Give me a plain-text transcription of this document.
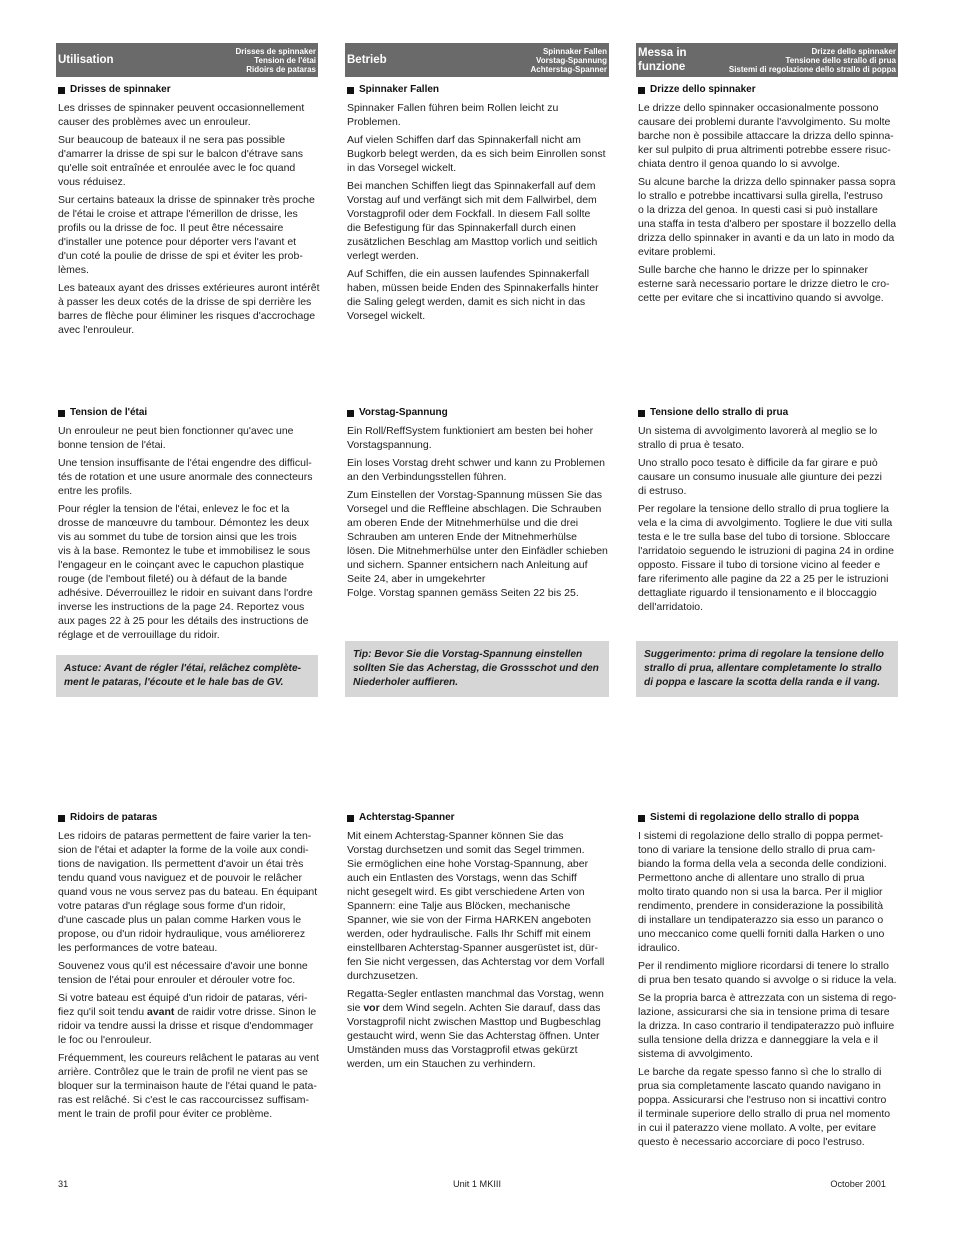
Utilisation
Drisses de spinnaker
Tension de l'étai
Ridoirs de pataras
Betrieb
Spinnaker Fallen
Vorstag-Spannung
Achterstag-Spanner
Messa in funzione
Drizze dello spinnaker
Tensione dello strallo di prua
Sistemi di regolazione dello strallo di poppa
Drisses de spinnaker

Les drisses de spinnaker peuvent occasionnellement
causer des problèmes avec un enrouleur.

Sur beaucoup de bateaux il ne sera pas possible
d'amarrer la drisse de spi sur le balcon d'étrave sans
qu'elle soit entraînée et enroulée avec le foc quand
vous réduisez.

Sur certains bateaux la drisse de spinnaker très proche
de l'étai le croise et attrape l'émerillon de drisse, les
profils ou la drisse de foc. Il peut être nécessaire
d'installer une potence pour déporter vers l'avant et
d'un coté la poulie de drisse de spi et éviter les prob-
lèmes.

Les bateaux ayant des drisses extérieures auront intérêt
à passer les deux cotés de la drisse de spi derrière les
barres de flèche pour éliminer les risques d'accrochage
avec l'enrouleur.

Spinnaker Fallen

Spinnaker Fallen führen beim Rollen leicht zu
Problemen.

Auf vielen Schiffen darf das Spinnakerfall nicht am
Bugkorb belegt werden, da es sich beim Einrollen sonst
in das Vorsegel wickelt.

Bei manchen Schiffen liegt das Spinnakerfall auf dem
Vorstag auf und verfängt sich mit dem Fallwirbel, dem
Vorstagprofil oder dem Fockfall. In diesem Fall sollte
die Befestigung für das Spinnakerfall durch einen
zusätzlichen Beschlag am Masttop vorlich und seitlich
verlegt werden.

Auf Schiffen, die ein aussen laufendes Spinnakerfall
haben, müssen beide Enden des Spinnakerfalls hinter
die Saling gelegt werden, damit es sich nicht in das
Vorsegel wickelt.

Drizze dello spinnaker

Le drizze dello spinnaker occasionalmente possono
causare dei problemi durante l'avvolgimento. Su molte
barche non è possibile attaccare la drizza dello spinna-
ker sul pulpito di prua altrimenti potrebbe essere risuc-
chiata dentro il genoa quando lo si avvolge.

Su alcune barche la drizza dello spinnaker passa sopra
lo strallo e potrebbe incattivarsi sulla girella, l'estruso
o la drizza del genoa. In questi casi si può installare
una staffa in testa d'albero per spostare il bozzello della
drizza dello spinnaker in avanti e da un lato in modo da
evitare problemi.

Sulle barche che hanno le drizze per lo spinnaker
esterne sarà necessario portare le drizze dietro le cro-
cette per evitare che si incattivino quando si avvolge.

Tension de l'étai

Un enrouleur ne peut bien fonctionner qu'avec une
bonne tension de l'étai.

Une tension insuffisante de l'étai engendre des difficul-
tés de rotation et une usure anormale des connecteurs
entre les profils.

Pour régler la tension de l'étai, enlevez le foc et la
drosse de manœuvre du tambour. Démontez les deux
vis au sommet du tube de torsion ainsi que les trois
vis à la base. Remontez le tube et immobilisez le sous
l'engageur en le coinçant avec le capuchon plastique
rouge (de l'embout fileté) ou à défaut de la bande
adhésive. Déverrouillez le ridoir en suivant dans l'ordre
inverse les instructions de la page 24. Reportez vous
aux pages 22 à 25 pour les détails des instructions de
réglage et de verrouillage du ridoir.

Astuce: Avant de régler l'étai, relâchez complète-
ment le pataras, l'écoute et le hale bas de GV.
Vorstag-Spannung

Ein Roll/ReffSystem funktioniert am besten bei hoher
Vorstagspannung.

Ein loses Vorstag dreht schwer und kann zu Problemen
an den Verbindungsstellen führen.

Zum Einstellen der Vorstag-Spannung müssen Sie das
Vorsegel und die Reffleine abschlagen. Die Schrauben
am oberen Ende der Mitnehmerhülse und die drei
Schrauben am unteren Ende der Mitnehmerhülse
lösen. Die Mitnehmerhülse unter den Einfädler schieben
und sichern. Spanner entsichern nach Anleitung auf
Seite 24, aber in umgekehrter
Folge. Vorstag spannen gemäss Seiten 22 bis 25.

Tip: Bevor Sie die Vorstag-Spannung einstellen
sollten Sie das Acherstag, die Grossschot und den
Niederholer auffieren.
Tensione dello strallo di prua

Un sistema di avvolgimento lavorerà al meglio se lo
strallo di prua è tesato.

Uno strallo poco tesato è difficile da far girare e può
causare un consumo inusuale alle giunture dei pezzi
di estruso.

Per regolare la tensione dello strallo di prua togliere la
vela e la cima di avvolgimento. Togliere le due viti sulla
testa e le tre sulla base del tubo di torsione. Sbloccare
l'arridatoio seguendo le istruzioni di pagina 24 in ordine
opposto. Fissare il tubo di torsione vicino al feeder e
fare riferimento alle pagine da 22 a 25 per le istruzioni
dettagliate riguardo il tensionamento e il bloccaggio
dell'arridatoio.

Suggerimento: prima di regolare la tensione dello
strallo di prua, allentare completamente lo strallo
di poppa e lascare la scotta della randa e il vang.
Ridoirs de pataras

Les ridoirs de pataras permettent de faire varier la ten-
sion de l'étai et adapter la forme de la voile aux condi-
tions de navigation. Ils permettent d'avoir un étai très
tendu quand vous naviguez et de pouvoir le relâcher
quand vous ne vous servez pas du bateau. En équipant
votre pataras d'un réglage sous forme d'un ridoir,
d'une cascade plus un palan comme Harken vous le
propose, ou d'un ridoir hydraulique, vous améliorerez
les performances de votre bateau.

Souvenez vous qu'il est nécessaire d'avoir une bonne
tension de l'étai pour enrouler et dérouler votre foc.

Si votre bateau est équipé d'un ridoir de pataras, véri-
fiez qu'il soit tendu avant de raidir votre drisse. Sinon le
ridoir va tendre aussi la drisse et risque d'endommager
le foc ou l'enrouleur.

Fréquemment, les coureurs relâchent le pataras au vent
arrière. Contrôlez que le train de profil ne vient pas se
bloquer sur la terminaison haute de l'étai quand le pata-
ras est relâché. Si c'est le cas raccourcissez suffisam-
ment le train de profil pour éviter ce problème.

Achterstag-Spanner

Mit einem Achterstag-Spanner können Sie das
Vorstag durchsetzen und somit das Segel trimmen.
Sie ermöglichen eine hohe Vorstag-Spannung, aber
auch ein Entlasten des Vorstags, wenn das Schiff
nicht gesegelt wird. Es gibt verschiedene Arten von
Spannern: eine Talje aus Blöcken, mechanische
Spanner, wie sie von der Firma HARKEN angeboten
werden, oder hydraulische. Falls Ihr Schiff mit einem
einstellbaren Achterstag-Spanner ausgerüstet ist, dür-
fen Sie nicht vergessen, das Achterstag vor dem Vorfall
durchzusetzen.

Regatta-Segler entlasten manchmal das Vorstag, wenn
sie vor dem Wind segeln. Achten Sie darauf, dass das
Vorstagprofil nicht zwischen Masttop und Bugbeschlag
gestaucht wird, wenn Sie das Achterstag öffnen. Unter
Umständen muss das Vorstagprofil etwas gekürzt
werden, um ein Stauchen zu verhindern.

Sistemi di regolazione dello strallo di poppa

I sistemi di regolazione dello strallo di poppa permet-
tono di variare la tensione dello strallo di prua cam-
biando la forma della vela a seconda delle condizioni.
Permettono anche di allentare uno strallo di prua
molto tirato quando non si usa la barca. Per il miglior
rendimento, prendere in considerazione la possibilità
di installare un tendipaterazzo sia esso un paranco o
uno meccanico come quelli forniti dalla Harken o uno
idraulico.

Per il rendimento migliore ricordarsi di tenere lo strallo
di prua ben tesato quando si avvolge o si riduce la vela.

Se la propria barca è attrezzata con un sistema di rego-
lazione, assicurarsi che sia in tensione prima di tesare
la drizza. In caso contrario il tendipaterazzo può influire
sulla tensione della drizza e danneggiare la vela e il
sistema di avvolgimento.

Le barche da regate spesso fanno sì che lo strallo di
prua sia completamente lascato quando navigano in
poppa. Assicurarsi che l'estruso non si incattivi contro
il terminale superiore dello strallo di prua nel momento
in cui il paterazzo viene mollato. A volte, per evitare
questo è necessario accorciare di poco l'estruso.

31	Unit 1 MKIII	October 2001
